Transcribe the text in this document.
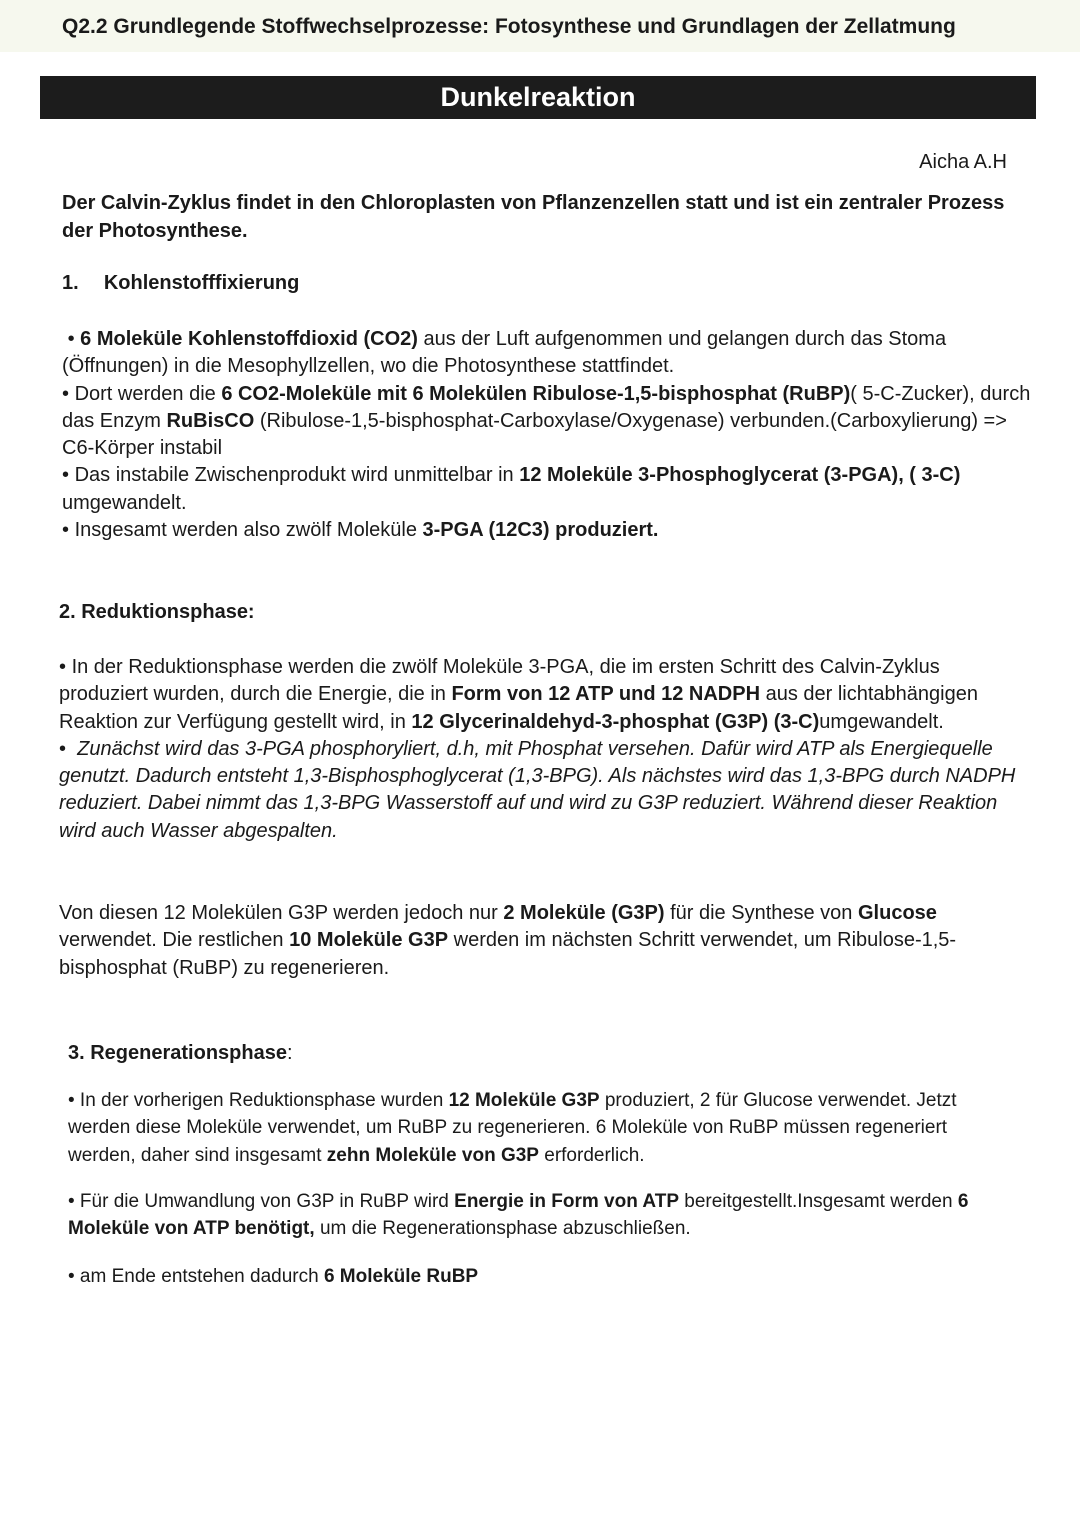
Q2.2 Grundlegende Stoffwechselprozesse: Fotosynthese und Grundlagen der Zellatmung
Dunkelreaktion
Aicha A.H
Der Calvin-Zyklus findet in den Chloroplasten von Pflanzenzellen statt und ist ein zentraler Prozess der Photosynthese.
1. Kohlenstofffixierung
• 6 Moleküle Kohlenstoffdioxid (CO2) aus der Luft aufgenommen und gelangen durch das Stoma (Öffnungen) in die Mesophyllzellen, wo die Photosynthese stattfindet.
• Dort werden die 6 CO2-Moleküle mit 6 Molekülen Ribulose-1,5-bisphosphat (RuBP)( 5-C-Zucker), durch das Enzym RuBisCO (Ribulose-1,5-bisphosphat-Carboxylase/Oxygenase) verbunden.(Carboxylierung) => C6-Körper instabil
• Das instabile Zwischenprodukt wird unmittelbar in 12 Moleküle 3-Phosphoglycerat (3-PGA), ( 3-C) umgewandelt.
• Insgesamt werden also zwölf Moleküle 3-PGA (12C3) produziert.
2. Reduktionsphase:
• In der Reduktionsphase werden die zwölf Moleküle 3-PGA, die im ersten Schritt des Calvin-Zyklus produziert wurden, durch die Energie, die in Form von 12 ATP und 12 NADPH aus der lichtabhängigen Reaktion zur Verfügung gestellt wird, in 12 Glycerinaldehyd-3-phosphat (G3P) (3-C)umgewandelt.
• Zunächst wird das 3-PGA phosphoryliert, d.h, mit Phosphat versehen. Dafür wird ATP als Energiequelle genutzt. Dadurch entsteht 1,3-Bisphosphoglycerat (1,3-BPG). Als nächstes wird das 1,3-BPG durch NADPH reduziert. Dabei nimmt das 1,3-BPG Wasserstoff auf und wird zu G3P reduziert. Während dieser Reaktion wird auch Wasser abgespalten.
Von diesen 12 Molekülen G3P werden jedoch nur 2 Moleküle (G3P) für die Synthese von Glucose verwendet. Die restlichen 10 Moleküle G3P werden im nächsten Schritt verwendet, um Ribulose-1,5-bisphosphat (RuBP) zu regenerieren.
3. Regenerationsphase:
• In der vorherigen Reduktionsphase wurden 12 Moleküle G3P produziert, 2 für Glucose verwendet. Jetzt werden diese Moleküle verwendet, um RuBP zu regenerieren. 6 Moleküle von RuBP müssen regeneriert werden, daher sind insgesamt zehn Moleküle von G3P erforderlich.
• Für die Umwandlung von G3P in RuBP wird Energie in Form von ATP bereitgestellt.Insgesamt werden 6 Moleküle von ATP benötigt, um die Regenerationsphase abzuschließen.
• am Ende entstehen dadurch 6 Moleküle RuBP
